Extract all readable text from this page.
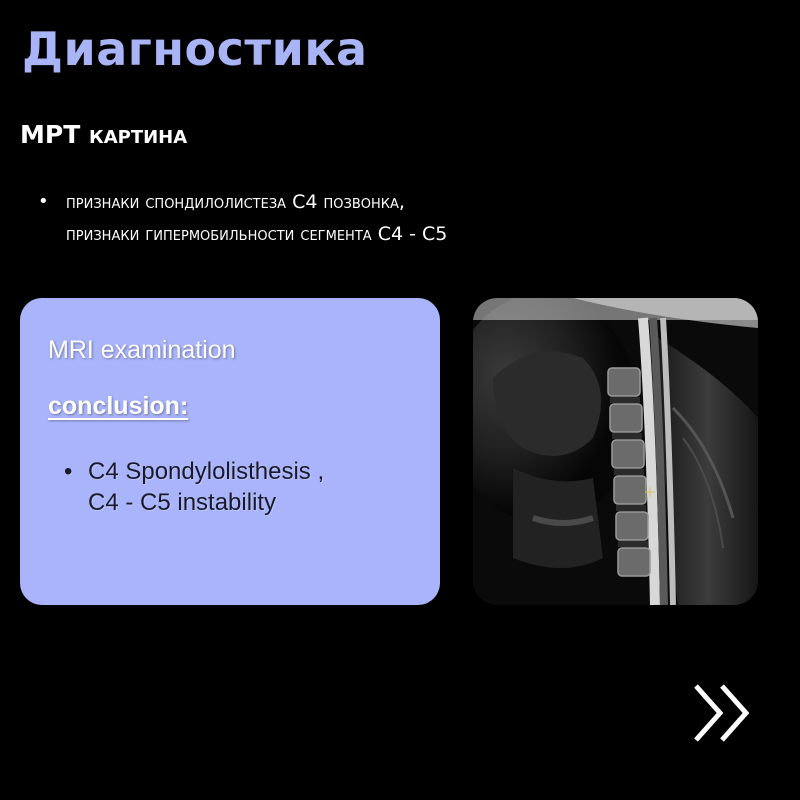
Диагностика
МРТ картина
• признаки спондилолистеза С4 позвонка,
признаки гипермобильности сегмента С4 - С5
MRI examination
conclusion:
• C4 Spondylolisthesis ,
C4 - C5 instability
